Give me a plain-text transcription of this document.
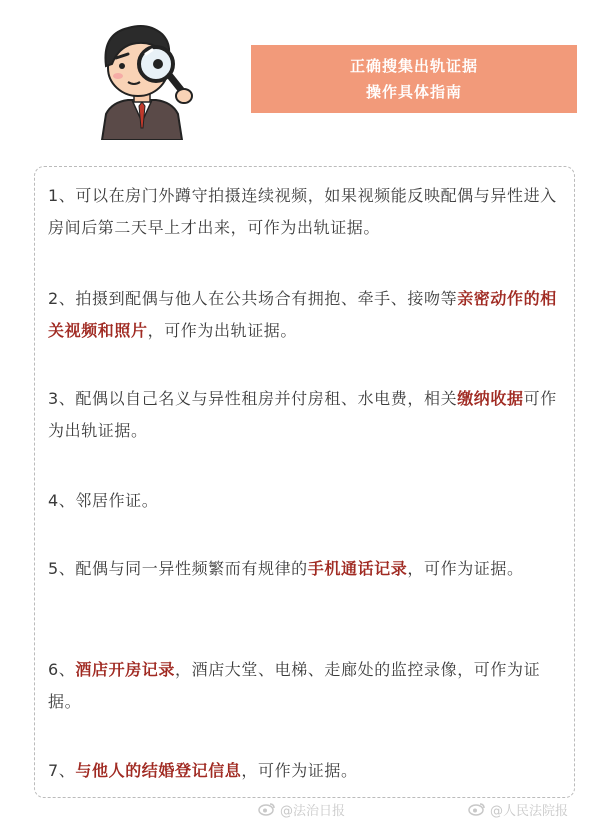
正确搜集出轨证据
操作具体指南
1、可以在房门外蹲守拍摄连续视频，如果视频能反映配偶与异性进入房间后第二天早上才出来，可作为出轨证据。
2、拍摄到配偶与他人在公共场合有拥抱、牵手、接吻等亲密动作的相关视频和照片，可作为出轨证据。
3、配偶以自己名义与异性租房并付房租、水电费，相关缴纳收据可作为出轨证据。
4、邻居作证。
5、配偶与同一异性频繁而有规律的手机通话记录，可作为证据。
6、酒店开房记录，酒店大堂、电梯、走廊处的监控录像，可作为证据。
7、与他人的结婚登记信息，可作为证据。
@法治日报	@人民法院报
